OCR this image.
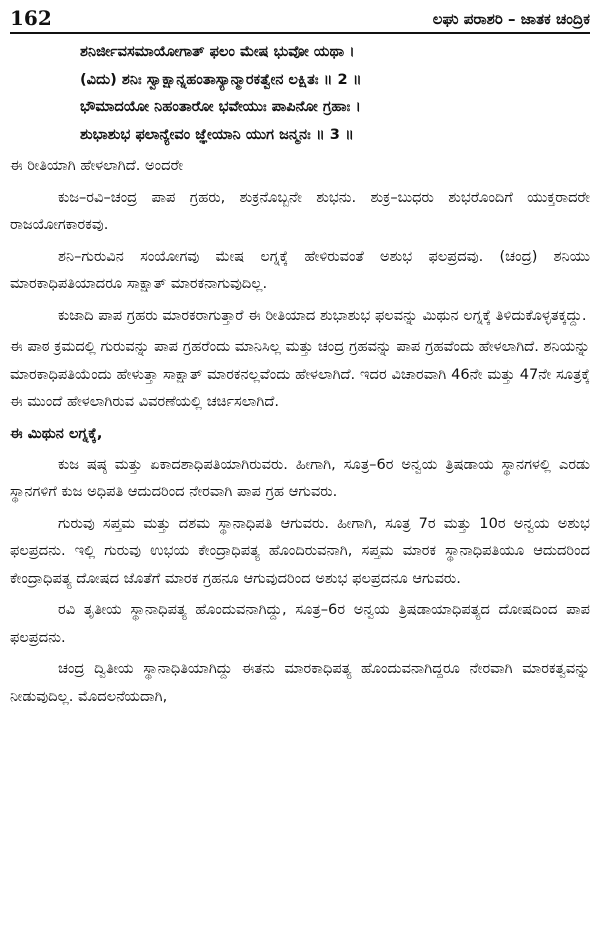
162	ಲಘು ಪರಾಶರಿ – ಜಾತಕ ಚಂದ್ರಿಕ
ಶನಿರ್ಜೀವಸಮಾಯೋಗಾತ್ ಫಲಂ ಮೇಷ ಭುವೋ ಯಥಾ ।
(ವಿದು) ಶನಿಃ ಸ್ವಾಕ್ಷಾನ್ನಹಂತಾಸ್ಯಾನ್ಮಾರಕತ್ವೇನ ಲಕ್ಷಿತಃ ॥ 2 ॥
ಭೌಮಾದಯೋ ನಿಹಂತಾರೋ ಭವೇಯುಃ ಪಾಪಿನೋ ಗ್ರಹಾಃ ।
ಶುಭಾಶುಭ ಫಲಾನ್ಯೇವಂ ಜ್ಞೇಯಾನಿ ಯುಗ ಜನ್ಮನಃ ॥ 3 ॥

ಈ ರೀತಿಯಾಗಿ ಹೇಳಲಾಗಿದೆ. ಅಂದರೇ

ಕುಜ–ರವಿ–ಚಂದ್ರ ಪಾಪ ಗ್ರಹರು, ಶುಕ್ರನೊಬ್ಬನೇ ಶುಭನು. ಶುಕ್ರ–ಬುಧರು ಶುಭರೊಂದಿಗೆ ಯುಕ್ತರಾದರೇ ರಾಜಯೋಗಕಾರಕವು.

ಶನಿ–ಗುರುವಿನ ಸಂಯೋಗವು ಮೇಷ ಲಗ್ನಕ್ಕೆ ಹೇಳಿರುವಂತೆ ಅಶುಭ ಫಲಪ್ರದವು. (ಚಂದ್ರ) ಶನಿಯು ಮಾರಕಾಧಿಪತಿಯಾದರೂ ಸಾಕ್ಷಾತ್ ಮಾರಕನಾಗುವುದಿಲ್ಲ.

ಕುಜಾದಿ ಪಾಪ ಗ್ರಹರು ಮಾರಕರಾಗುತ್ತಾರೆ ಈ ರೀತಿಯಾದ ಶುಭಾಶುಭ ಫಲವನ್ನು ಮಿಥುನ ಲಗ್ನಕ್ಕೆ ತಿಳಿದುಕೊಳ್ಳತಕ್ಕದ್ದು.

ಈ ಪಾಠ ಕ್ರಮದಲ್ಲಿ ಗುರುವನ್ನು ಪಾಪ ಗ್ರಹರೆಂದು ಮಾನಿಸಿಲ್ಲ ಮತ್ತು ಚಂದ್ರ ಗ್ರಹವನ್ನು ಪಾಪ ಗ್ರಹವೆಂದು ಹೇಳಲಾಗಿದೆ. ಶನಿಯನ್ನು ಮಾರಕಾಧಿಪತಿಯೆಂದು ಹೇಳುತ್ತಾ ಸಾಕ್ಷಾತ್ ಮಾರಕನಲ್ಲವೆಂದು ಹೇಳಲಾಗಿದೆ. ಇದರ ವಿಚಾರವಾಗಿ 46ನೇ ಮತ್ತು 47ನೇ ಸೂತ್ರಕ್ಕೆ ಈ ಮುಂದೆ ಹೇಳಲಾಗಿರುವ ವಿವರಣೆಯಲ್ಲಿ ಚರ್ಚಿಸಲಾಗಿದೆ.

ಈ ಮಿಥುನ ಲಗ್ನಕ್ಕೆ,

ಕುಜ ಷಷ್ಠ ಮತ್ತು ಏಕಾದಶಾಧಿಪತಿಯಾಗಿರುವರು. ಹೀಗಾಗಿ, ಸೂತ್ರ–6ರ ಅನ್ವಯ ತ್ರಿಷಡಾಯ ಸ್ಥಾನಗಳಲ್ಲಿ ಎರಡು ಸ್ಥಾನಗಳಿಗೆ ಕುಜ ಅಧಿಪತಿ ಆದುದರಿಂದ ನೇರವಾಗಿ ಪಾಪ ಗ್ರಹ ಆಗುವರು.

ಗುರುವು ಸಪ್ತಮ ಮತ್ತು ದಶಮ ಸ್ಥಾನಾಧಿಪತಿ ಆಗುವರು. ಹೀಗಾಗಿ, ಸೂತ್ರ 7ರ ಮತ್ತು 10ರ ಅನ್ವಯ ಅಶುಭ ಫಲಪ್ರದನು. ಇಲ್ಲಿ ಗುರುವು ಉಭಯ ಕೇಂದ್ರಾಧಿಪತ್ಯ ಹೊಂದಿರುವನಾಗಿ, ಸಪ್ತಮ ಮಾರಕ ಸ್ಥಾನಾಧಿಪತಿಯೂ ಆದುದರಿಂದ ಕೇಂದ್ರಾಧಿಪತ್ಯ ದೋಷದ ಜೊತೆಗೆ ಮಾರಕ ಗ್ರಹನೂ ಆಗುವುದರಿಂದ ಅಶುಭ ಫಲಪ್ರದನೂ ಆಗುವರು.

ರವಿ ತೃತೀಯ ಸ್ಥಾನಾಧಿಪತ್ಯ ಹೊಂದುವನಾಗಿದ್ದು, ಸೂತ್ರ–6ರ ಅನ್ವಯ ತ್ರಿಷಡಾಯಾಧಿಪತ್ಯದ ದೋಷದಿಂದ ಪಾಪ ಫಲಪ್ರದನು.

ಚಂದ್ರ ದ್ವಿತೀಯ ಸ್ಥಾನಾಧಿತಿಯಾಗಿದ್ದು ಈತನು ಮಾರಕಾಧಿಪತ್ಯ ಹೊಂದುವನಾಗಿದ್ದರೂ ನೇರವಾಗಿ ಮಾರಕತ್ವವನ್ನು ನೀಡುವುದಿಲ್ಲ. ಮೊದಲನೆಯದಾಗಿ,
